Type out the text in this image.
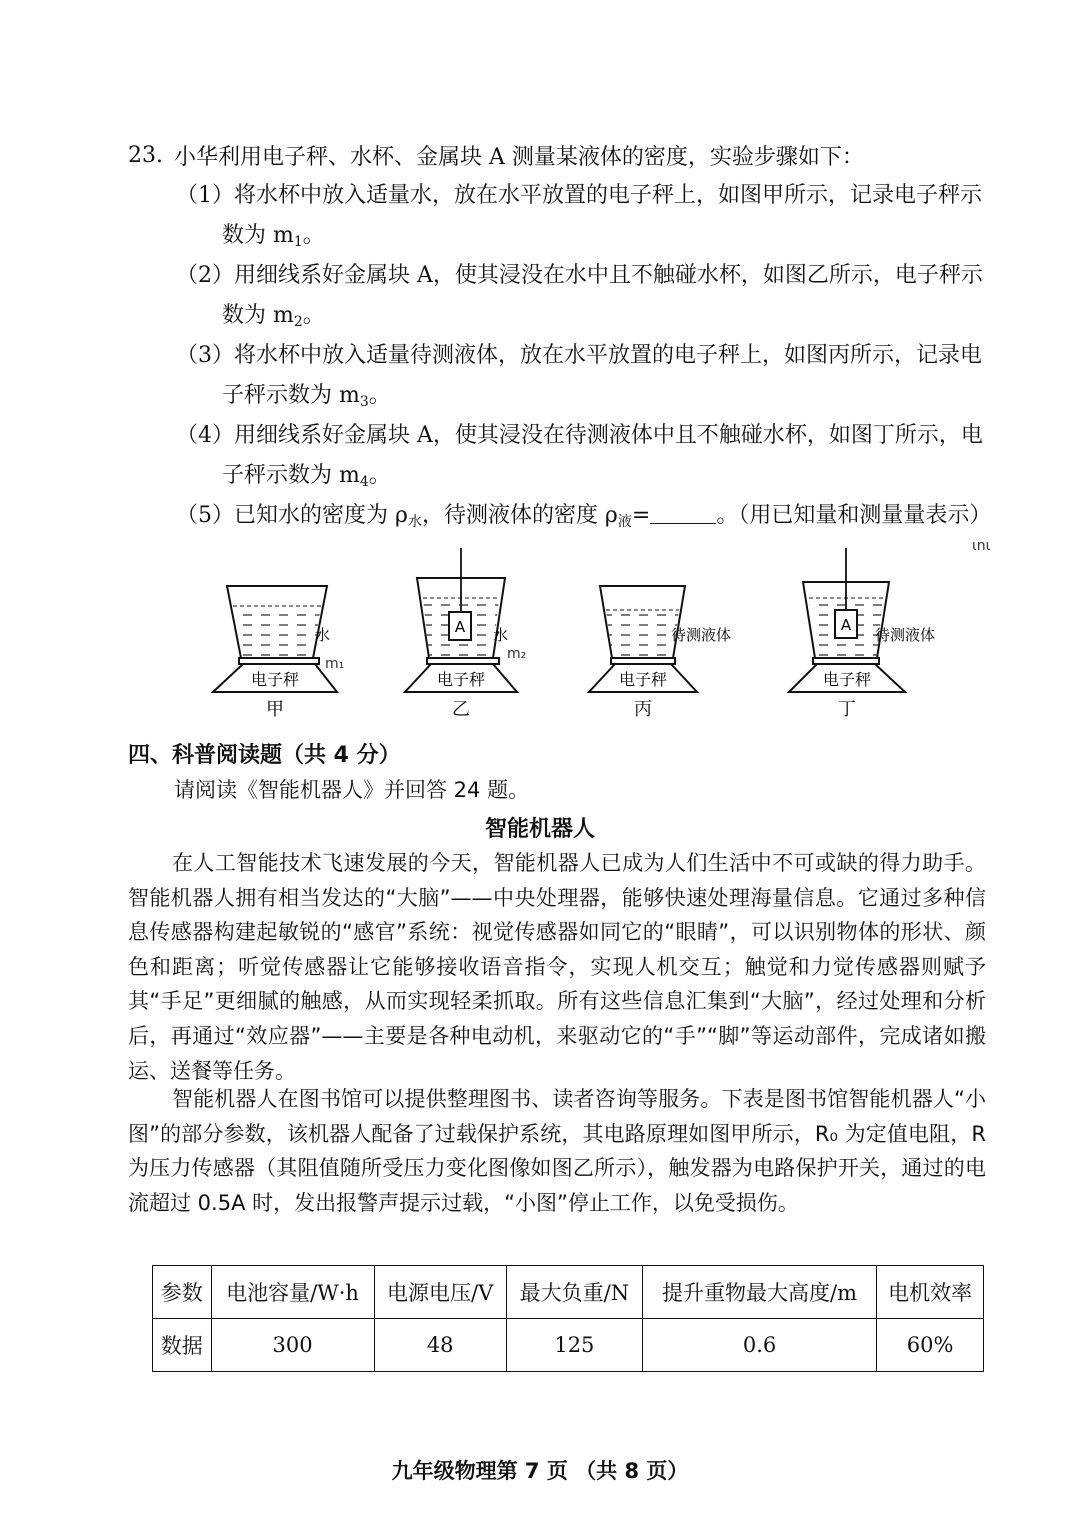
23. 小华利用电子秤、水杯、金属块 A 测量某液体的密度，实验步骤如下：
（1）将水杯中放入适量水，放在水平放置的电子秤上，如图甲所示，记录电子秤示
数为 $m_1$。
（2）用细线系好金属块 A，使其浸没在水中且不触碰水杯，如图乙所示，电子秤示
数为 $m_2$。
（3）将水杯中放入适量待测液体，放在水平放置的电子秤上，如图丙所示，记录电
子秤示数为 $m_3$。
（4）用细线系好金属块 A，使其浸没在待测液体中且不触碰水杯，如图丁所示，电
子秤示数为 $m_4$。
（5）已知水的密度为 $\rho_水$，待测液体的密度 $\rho_液=$	。（用已知量和测量量表示）
ιnι
电子秤
水
甲
m₁
A
电子秤
水
乙
m₂
电子秤
待测液体
丙
A
电子秤
待测液体
丁
四、科普阅读题（共 4 分）
请阅读《智能机器人》并回答 24 题。
智能机器人
在人工智能技术飞速发展的今天，智能机器人已成为人们生活中不可或缺的得力助手。智能机器人拥有相当发达的“大脑”——中央处理器，能够快速处理海量信息。它通过多种信息传感器构建起敏锐的“感官”系统：视觉传感器如同它的“眼睛”，可以识别物体的形状、颜色和距离；听觉传感器让它能够接收语音指令，实现人机交互；触觉和力觉传感器则赋予其“手足”更细腻的触感，从而实现轻柔抓取。所有这些信息汇集到“大脑”，经过处理和分析后，再通过“效应器”——主要是各种电动机，来驱动它的“手”“脚”等运动部件，完成诸如搬运、送餐等任务。
智能机器人在图书馆可以提供整理图书、读者咨询等服务。下表是图书馆智能机器人“小图”的部分参数，该机器人配备了过载保护系统，其电路原理如图甲所示，R₀ 为定值电阻，R 为压力传感器（其阻值随所受压力变化图像如图乙所示），触发器为电路保护开关，通过的电流超过 0.5A 时，发出报警声提示过载，“小图”停止工作，以免受损伤。
参数	电池容量/W·h	电源电压/V	最大负重/N	提升重物最大高度/m	电机效率
数据	300	48	125	0.6	60%
九年级物理第 7 页 （共 8 页）
